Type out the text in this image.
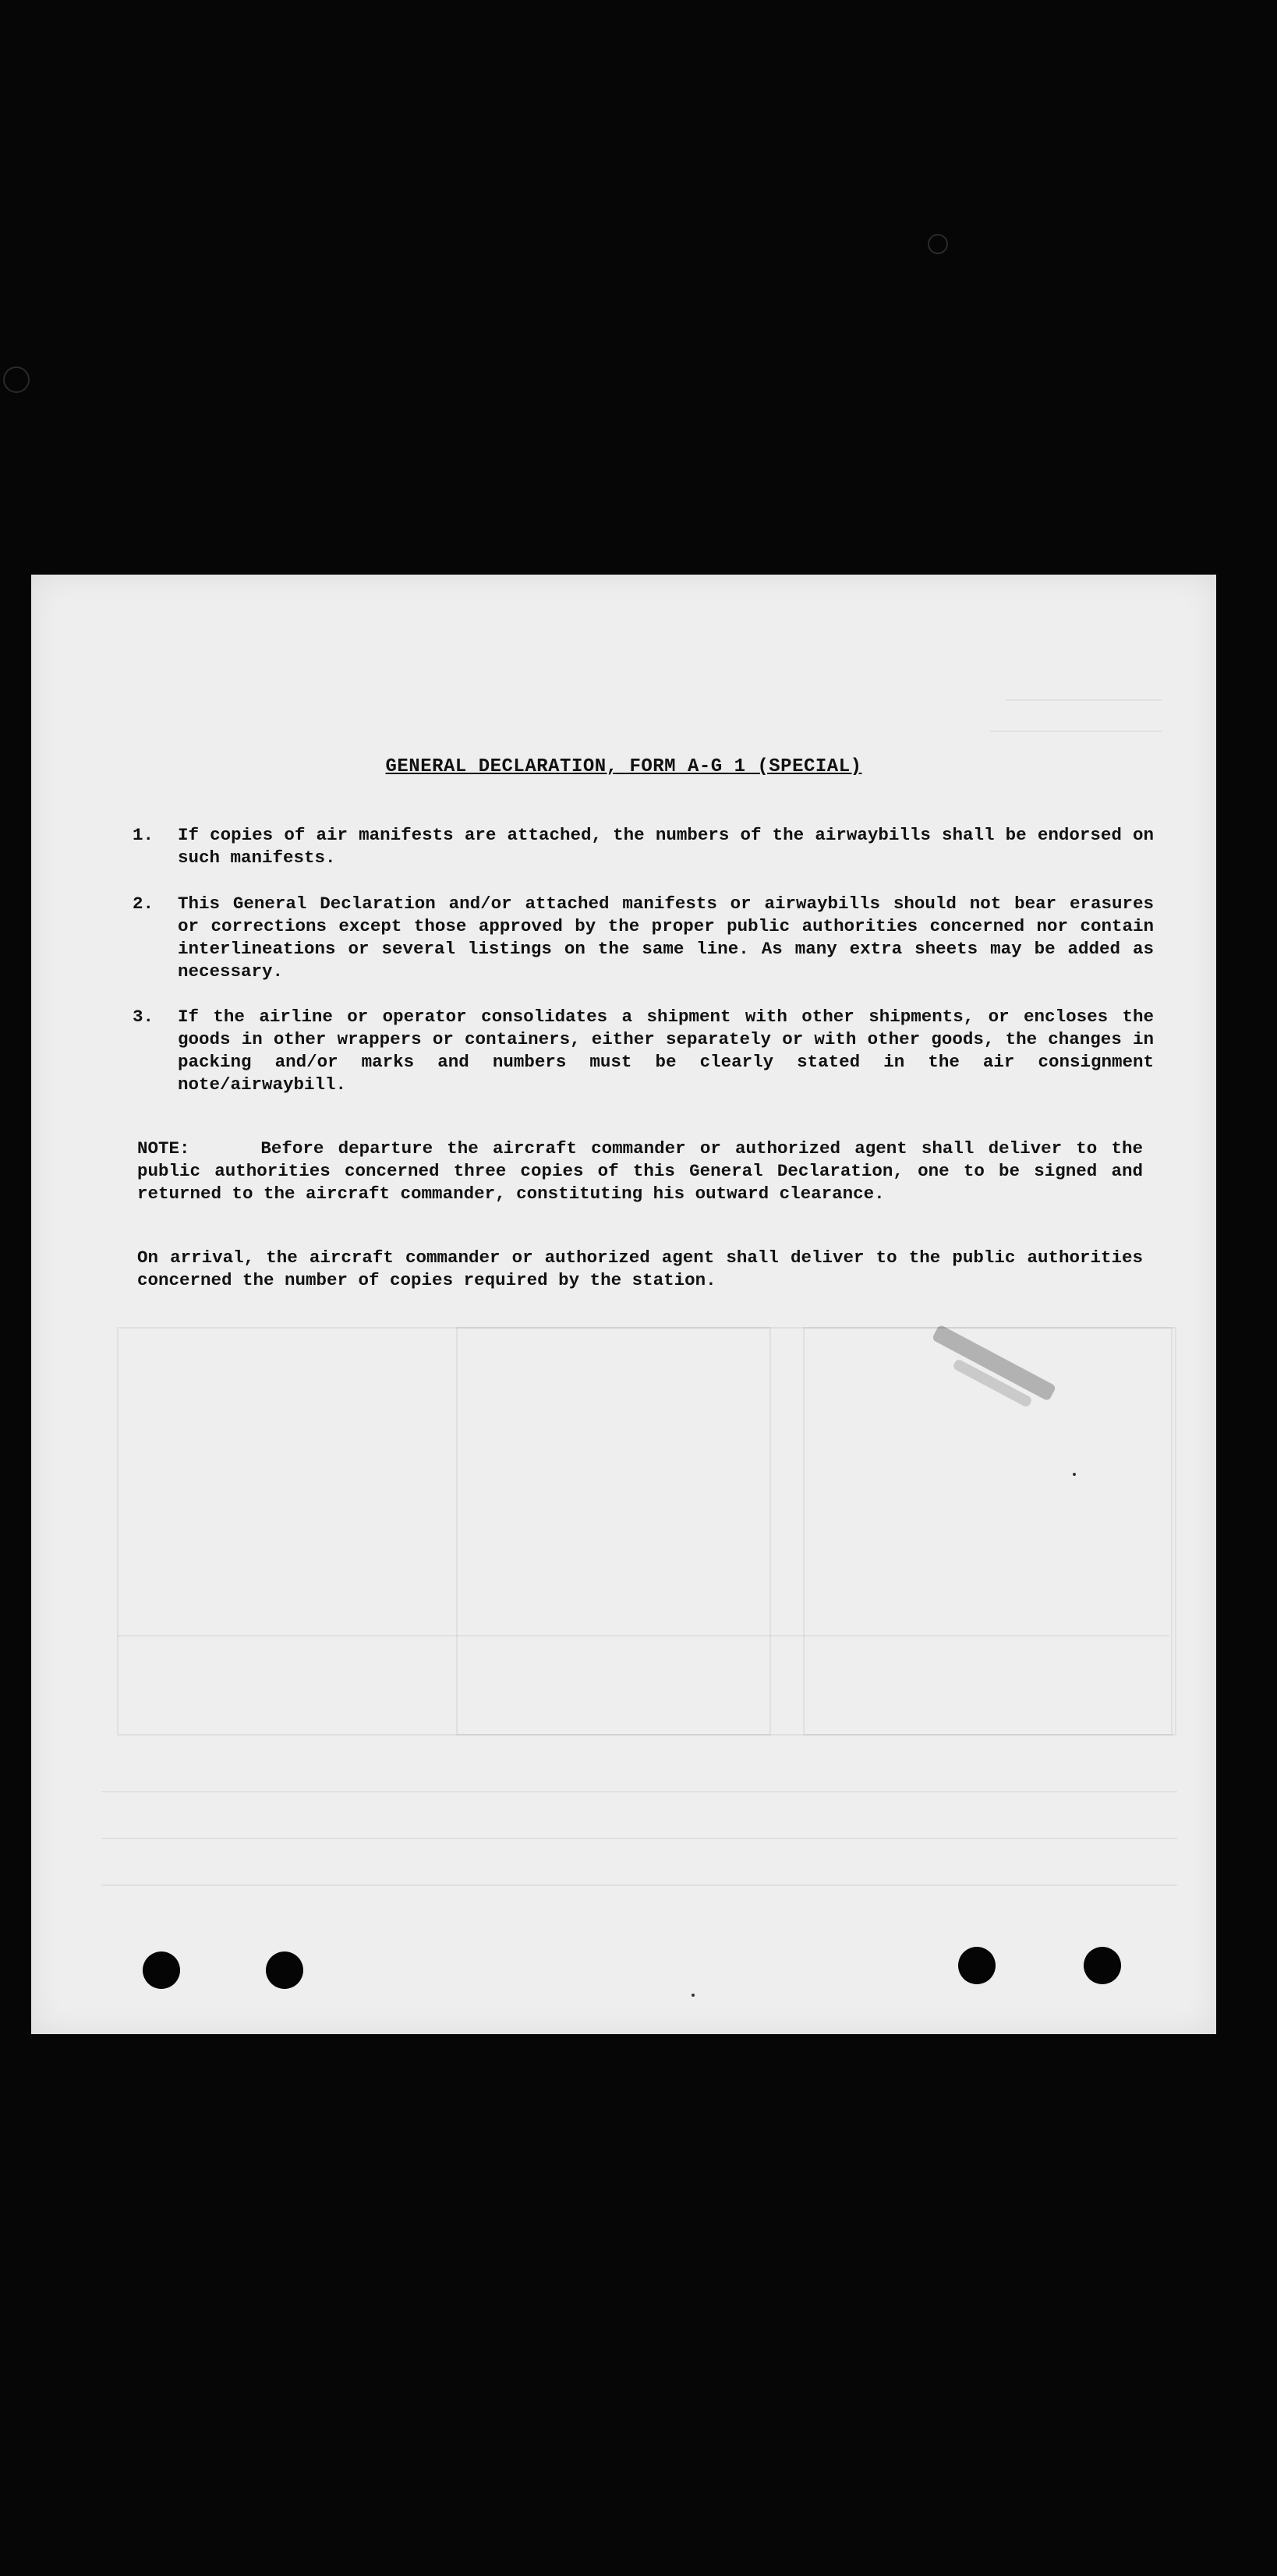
GENERAL DECLARATION, FORM A-G 1 (SPECIAL)
1. If copies of air manifests are attached, the numbers of the airwaybills shall be endorsed on such manifests.
2. This General Declaration and/or attached manifests or airwaybills should not bear erasures or corrections except those approved by the proper public authorities concerned nor contain interlineations or several listings on the same line. As many extra sheets may be added as necessary.
3. If the airline or operator consolidates a shipment with other shipments, or encloses the goods in other wrappers or containers, either separately or with other goods, the changes in packing and/or marks and numbers must be clearly stated in the air consignment note/airwaybill.
NOTE:     Before departure the aircraft commander or authorized agent shall deliver to the public authorities concerned three copies of this General Declaration, one to be signed and returned to the aircraft commander, constituting his outward clearance.
On arrival, the aircraft commander or authorized agent shall deliver to the public authorities concerned the number of copies required by the station.
